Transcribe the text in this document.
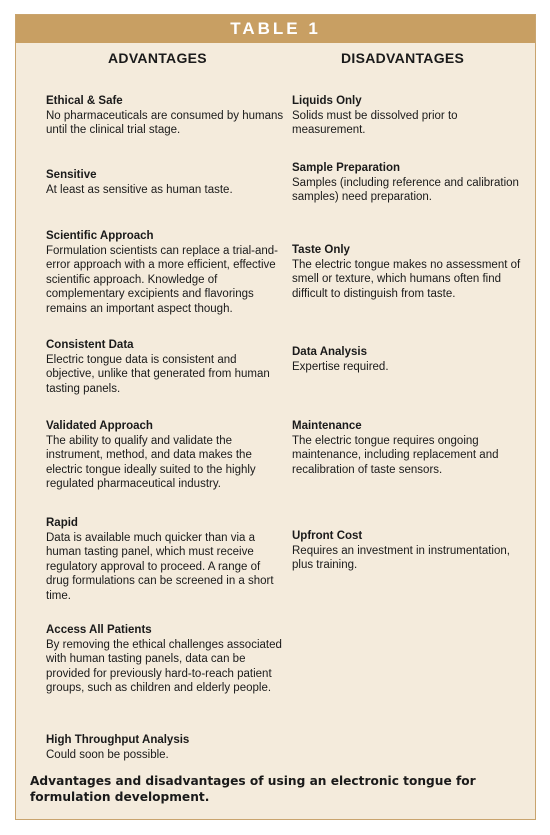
TABLE 1
ADVANTAGES	DISADVANTAGES
Ethical & Safe
No pharmaceuticals are consumed by humans until the clinical trial stage.
Sensitive
At least as sensitive as human taste.
Scientific Approach
Formulation scientists can replace a trial-and-error approach with a more efficient, effective scientific approach. Knowledge of complementary excipients and flavorings remains an important aspect though.
Consistent Data
Electric tongue data is consistent and objective, unlike that generated from human tasting panels.
Validated Approach
The ability to qualify and validate the instrument, method, and data makes the electric tongue ideally suited to the highly regulated pharmaceutical industry.
Rapid
Data is available much quicker than via a human tasting panel, which must receive regulatory approval to proceed. A range of drug formulations can be screened in a short time.
Access All Patients
By removing the ethical challenges associated with human tasting panels, data can be provided for previously hard-to-reach patient groups, such as children and elderly people.
High Throughput Analysis
Could soon be possible.
Liquids Only
Solids must be dissolved prior to measurement.
Sample Preparation
Samples (including reference and calibration samples) need preparation.
Taste Only
The electric tongue makes no assessment of smell or texture, which humans often find difficult to distinguish from taste.
Data Analysis
Expertise required.
Maintenance
The electric tongue requires ongoing maintenance, including replacement and recalibration of taste sensors.
Upfront Cost
Requires an investment in instrumentation, plus training.
Advantages and disadvantages of using an electronic tongue for formulation development.
